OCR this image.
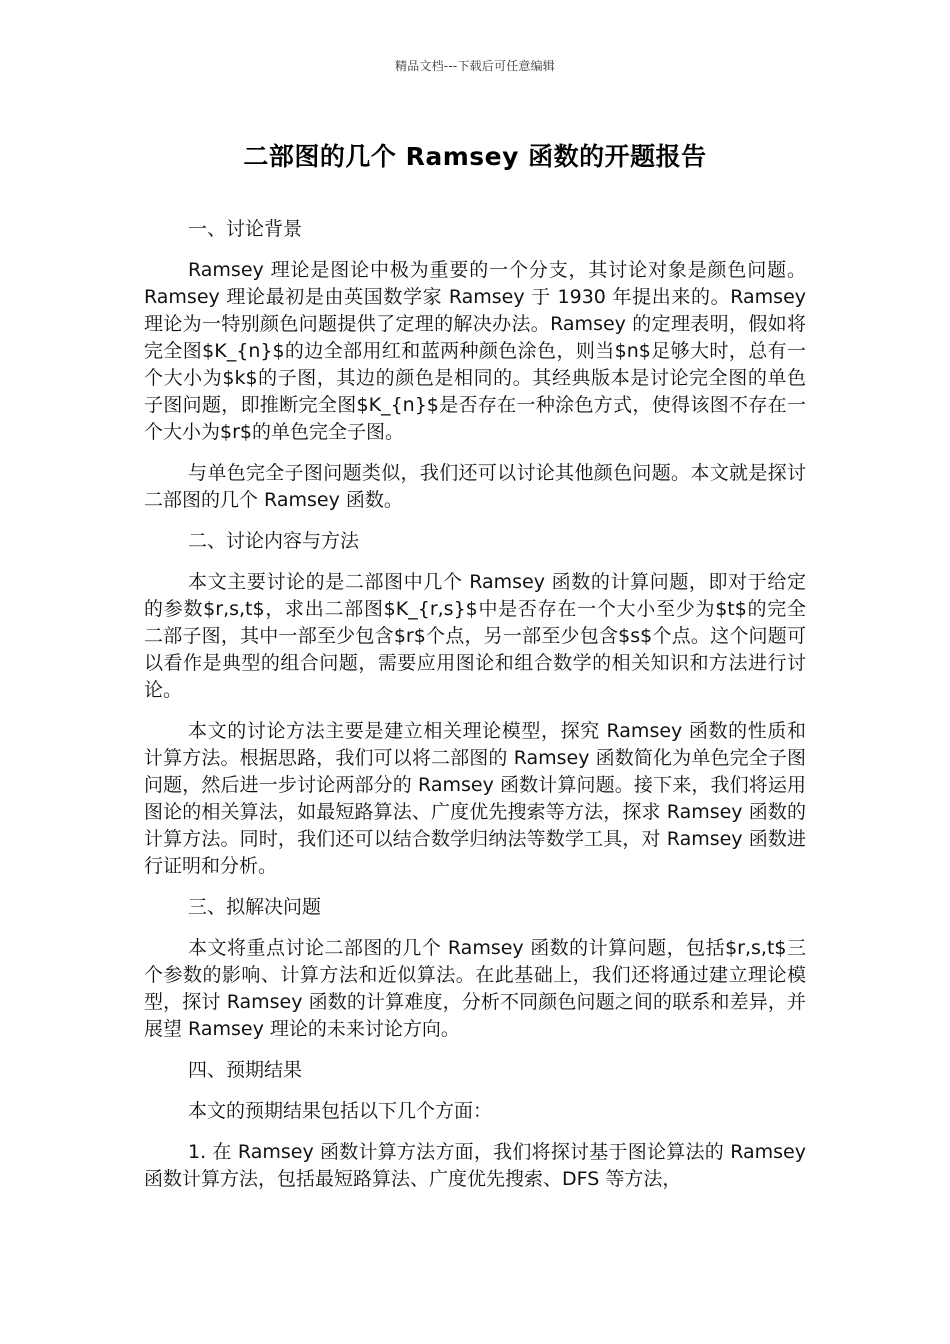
精品文档---下载后可任意编辑
二部图的几个 Ramsey 函数的开题报告
一、讨论背景
Ramsey 理论是图论中极为重要的一个分支，其讨论对象是颜色问题。Ramsey 理论最初是由英国数学家 Ramsey 于 1930 年提出来的。Ramsey 理论为一特别颜色问题提供了定理的解决办法。Ramsey 的定理表明，假如将完全图$K_{n}$的边全部用红和蓝两种颜色涂色，则当$n$足够大时，总有一个大小为$k$的子图，其边的颜色是相同的。其经典版本是讨论完全图的单色子图问题，即推断完全图$K_{n}$是否存在一种涂色方式，使得该图不存在一个大小为$r$的单色完全子图。
与单色完全子图问题类似，我们还可以讨论其他颜色问题。本文就是探讨二部图的几个 Ramsey 函数。
二、讨论内容与方法
本文主要讨论的是二部图中几个 Ramsey 函数的计算问题，即对于给定的参数$r,s,t$，求出二部图$K_{r,s}$中是否存在一个大小至少为$t$的完全二部子图，其中一部至少包含$r$个点，另一部至少包含$s$个点。这个问题可以看作是典型的组合问题，需要应用图论和组合数学的相关知识和方法进行讨论。
本文的讨论方法主要是建立相关理论模型，探究 Ramsey 函数的性质和计算方法。根据思路，我们可以将二部图的 Ramsey 函数简化为单色完全子图问题，然后进一步讨论两部分的 Ramsey 函数计算问题。接下来，我们将运用图论的相关算法，如最短路算法、广度优先搜索等方法，探求 Ramsey 函数的计算方法。同时，我们还可以结合数学归纳法等数学工具，对 Ramsey 函数进行证明和分析。
三、拟解决问题
本文将重点讨论二部图的几个 Ramsey 函数的计算问题，包括$r,s,t$三个参数的影响、计算方法和近似算法。在此基础上，我们还将通过建立理论模型，探讨 Ramsey 函数的计算难度，分析不同颜色问题之间的联系和差异，并展望 Ramsey 理论的未来讨论方向。
四、预期结果
本文的预期结果包括以下几个方面：
1. 在 Ramsey 函数计算方法方面，我们将探讨基于图论算法的 Ramsey 函数计算方法，包括最短路算法、广度优先搜索、DFS 等方法，
